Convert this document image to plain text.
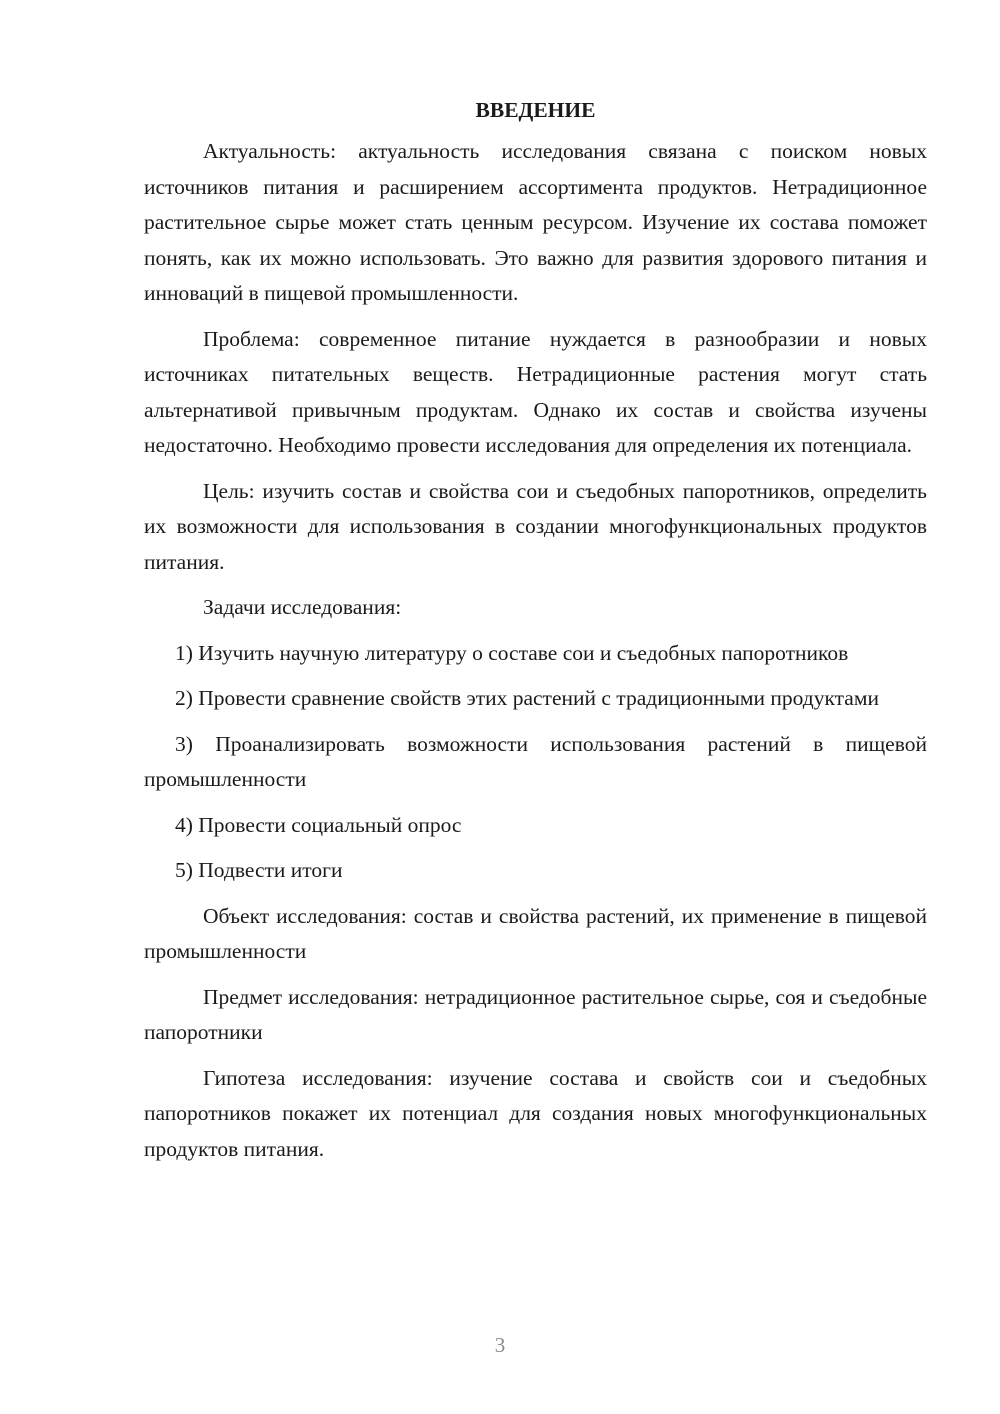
ВВЕДЕНИЕ

Актуальность: актуальность исследования связана с поиском новых источников питания и расширением ассортимента продуктов. Нетрадиционное растительное сырье может стать ценным ресурсом. Изучение их состава поможет понять, как их можно использовать. Это важно для развития здорового питания и инноваций в пищевой промышленности.

Проблема: современное питание нуждается в разнообразии и новых источниках питательных веществ. Нетрадиционные растения могут стать альтернативой привычным продуктам. Однако их состав и свойства изучены недостаточно. Необходимо провести исследования для определения их потенциала.

Цель: изучить состав и свойства сои и съедобных папоротников, определить их возможности для использования в создании многофункциональных продуктов питания.

Задачи исследования:

1) Изучить научную литературу о составе сои и съедобных папоротников

2) Провести сравнение свойств этих растений с традиционными продуктами

3) Проанализировать возможности использования растений в пищевой промышленности

4) Провести социальный опрос

5) Подвести итоги

Объект исследования: состав и свойства растений, их применение в пищевой промышленности

Предмет исследования: нетрадиционное растительное сырье, соя и съедобные папоротники

Гипотеза исследования: изучение состава и свойств сои и съедобных папоротников покажет их потенциал для создания новых многофункциональных продуктов питания.

3
